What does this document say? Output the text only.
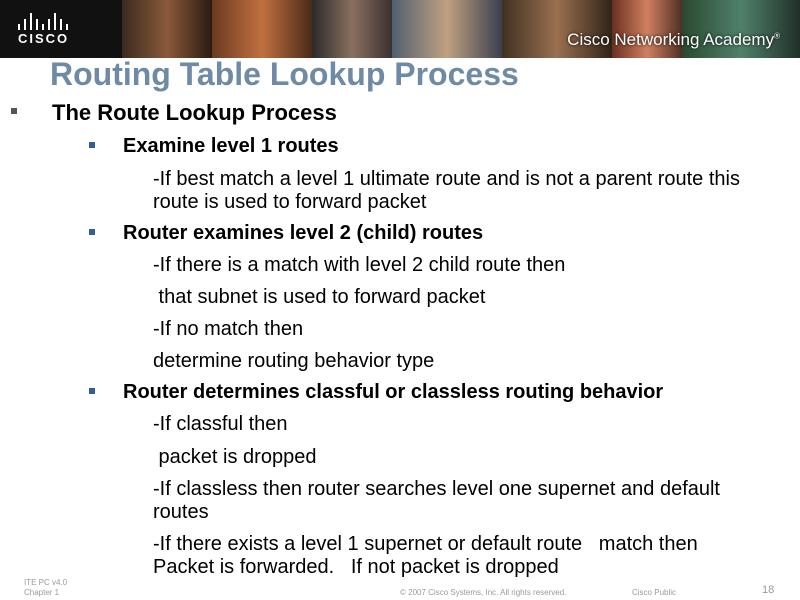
CISCO	Cisco Networking Academy®
Routing Table Lookup Process
The Route Lookup Process
Examine level 1 routes
-If best match a level 1 ultimate route and is not a parent route this route is used to forward packet
Router examines level 2 (child) routes
-If there is a match with level 2 child route then
that subnet is used to forward packet
-If no match then
determine routing behavior type
Router determines classful or classless routing behavior
-If classful then
packet is dropped
-If classless then router searches level one supernet and default routes
-If there exists a level 1 supernet or default route   match then Packet is forwarded.   If not packet is dropped
ITE PC v4.0
Chapter 1	© 2007 Cisco Systems, Inc. All rights reserved.	Cisco Public	18
